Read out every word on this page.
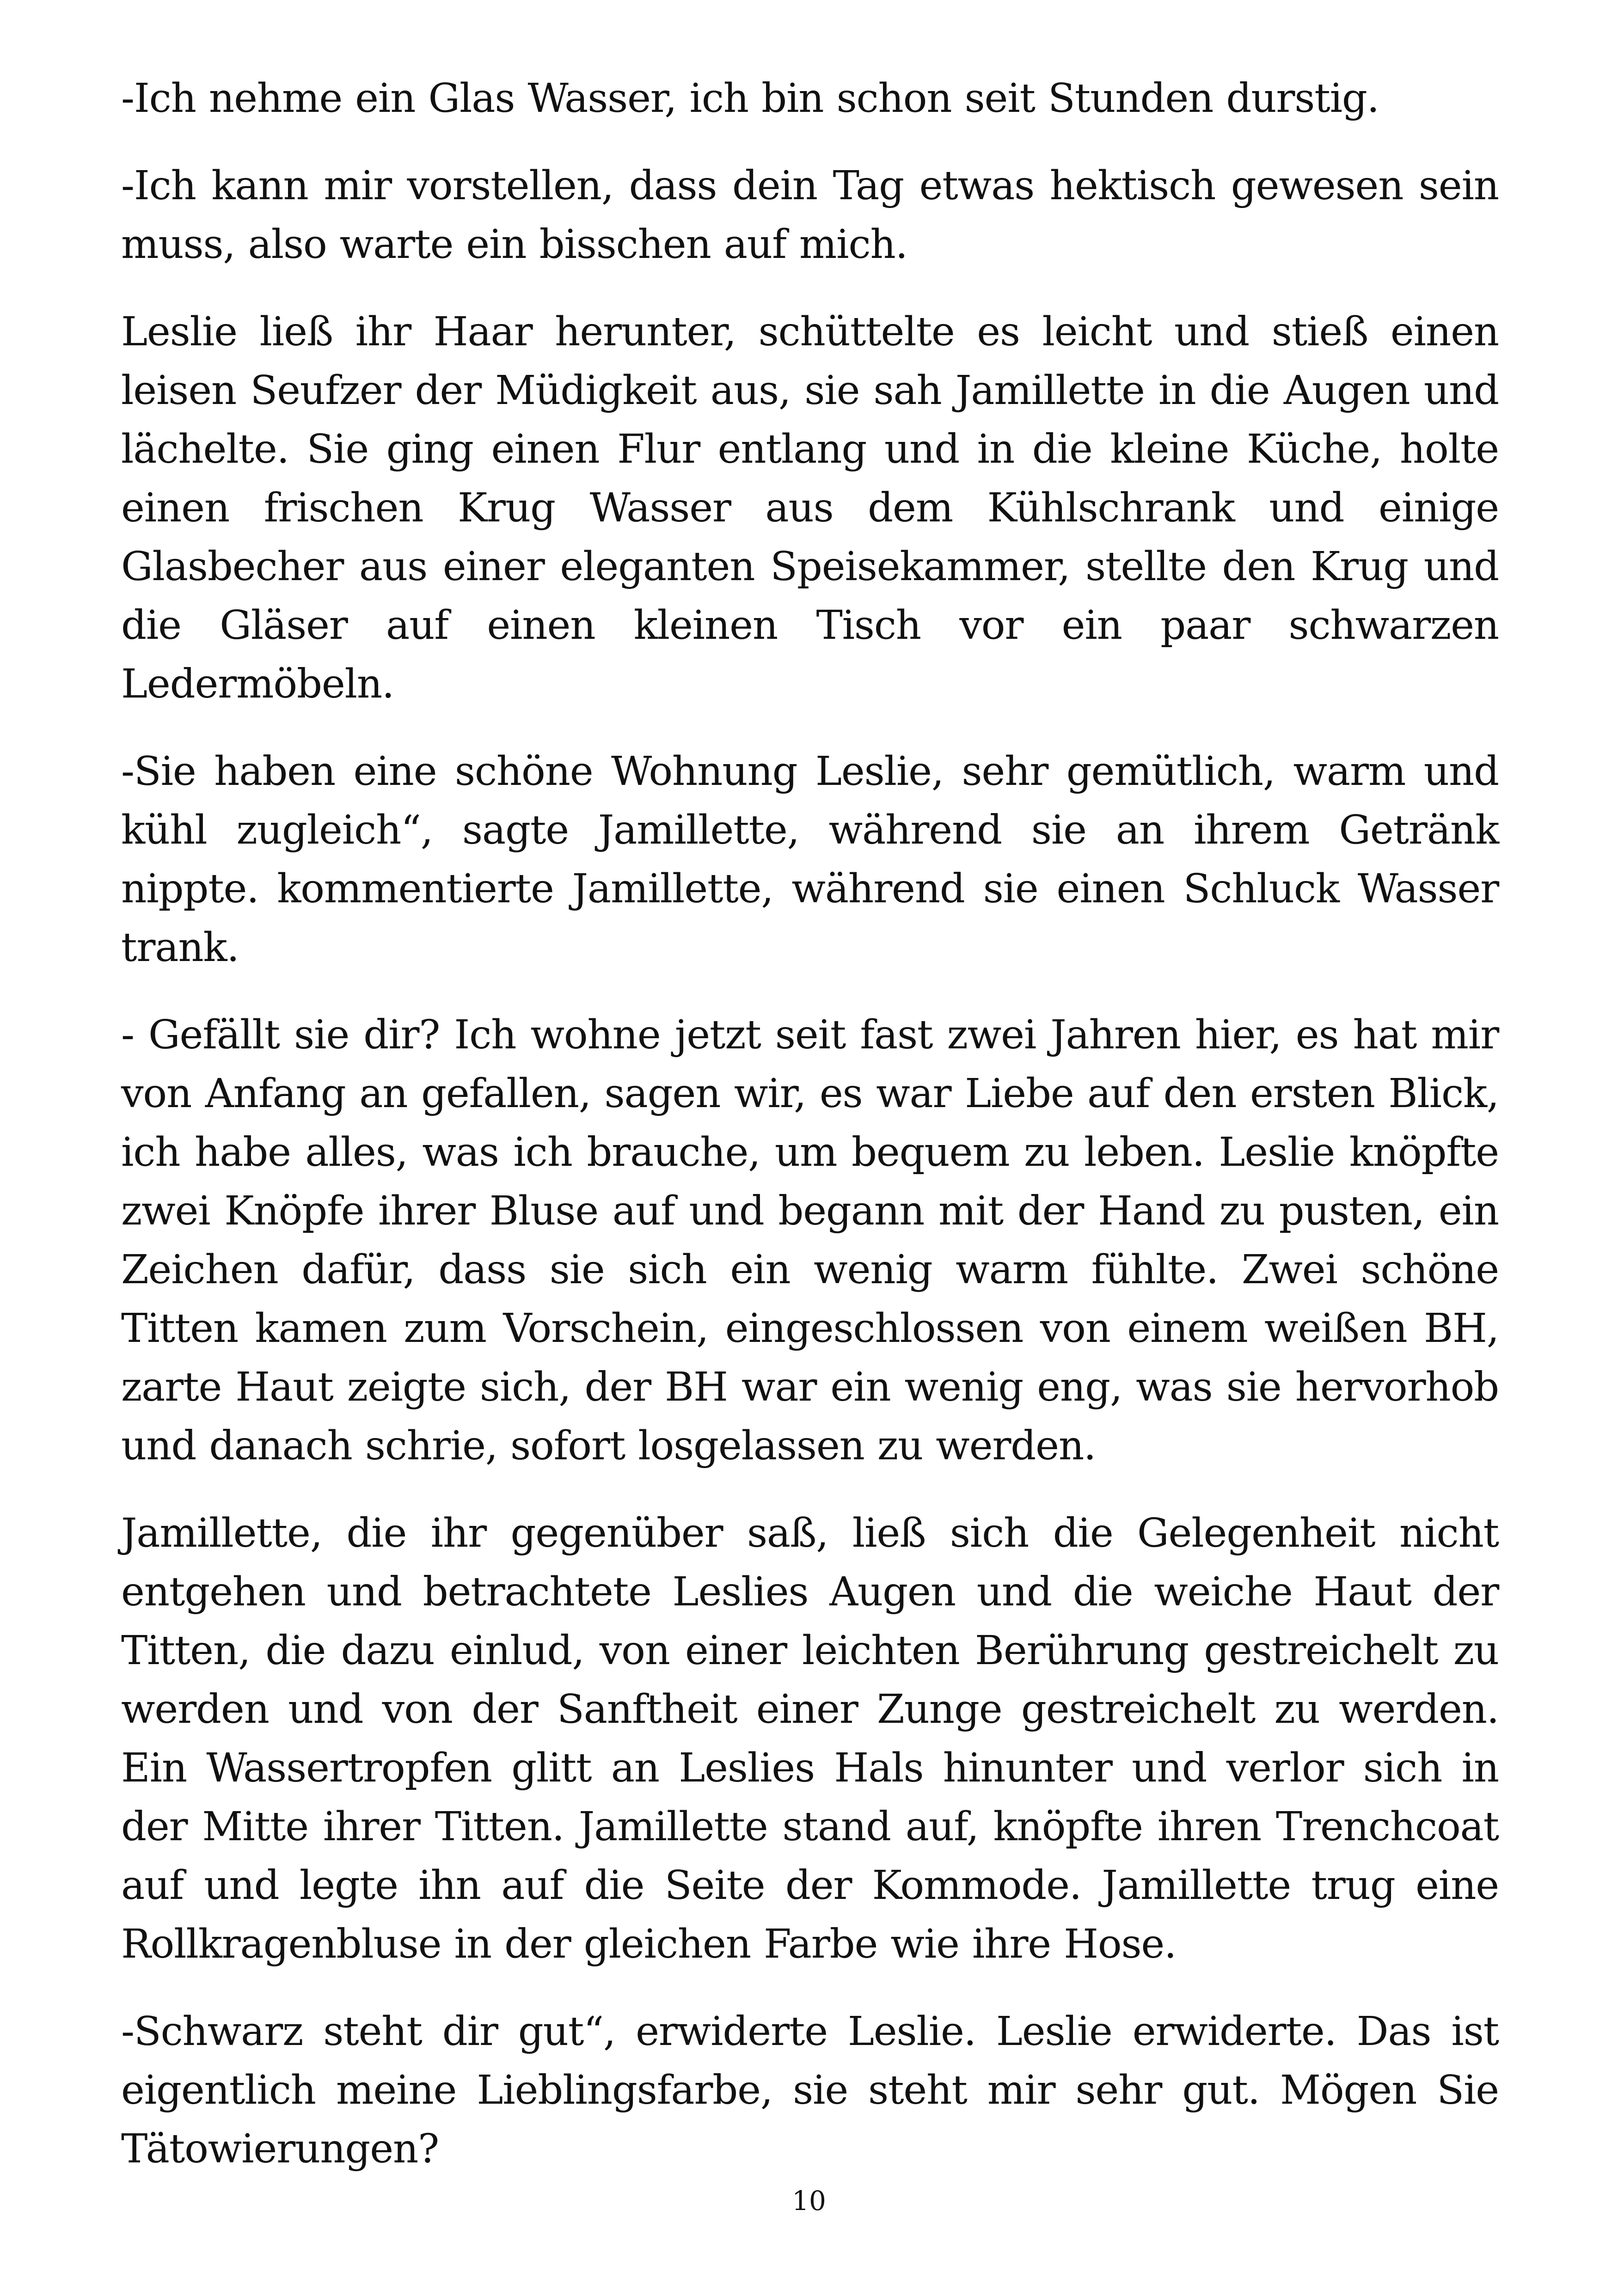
-Ich nehme ein Glas Wasser, ich bin schon seit Stunden durstig.

-Ich kann mir vorstellen, dass dein Tag etwas hektisch gewesen sein muss, also warte ein bisschen auf mich.

Leslie ließ ihr Haar herunter, schüttelte es leicht und stieß einen leisen Seufzer der Müdigkeit aus, sie sah Jamillette in die Augen und lächelte. Sie ging einen Flur entlang und in die kleine Küche, holte einen frischen Krug Wasser aus dem Kühlschrank und einige Glasbecher aus einer eleganten Speisekammer, stellte den Krug und die Gläser auf einen kleinen Tisch vor ein paar schwarzen Ledermöbeln.

-Sie haben eine schöne Wohnung Leslie, sehr gemütlich, warm und kühl zugleich“, sagte Jamillette, während sie an ihrem Getränk nippte. kommentierte Jamillette, während sie einen Schluck Wasser trank.

- Gefällt sie dir? Ich wohne jetzt seit fast zwei Jahren hier, es hat mir von Anfang an gefallen, sagen wir, es war Liebe auf den ersten Blick, ich habe alles, was ich brauche, um bequem zu leben. Leslie knöpfte zwei Knöpfe ihrer Bluse auf und begann mit der Hand zu pusten, ein Zeichen dafür, dass sie sich ein wenig warm fühlte. Zwei schöne Titten kamen zum Vorschein, eingeschlossen von einem weißen BH, zarte Haut zeigte sich, der BH war ein wenig eng, was sie hervorhob und danach schrie, sofort losgelassen zu werden.

Jamillette, die ihr gegenüber saß, ließ sich die Gelegenheit nicht entgehen und betrachtete Leslies Augen und die weiche Haut der Titten, die dazu einlud, von einer leichten Berührung gestreichelt zu werden und von der Sanftheit einer Zunge gestreichelt zu werden. Ein Wassertropfen glitt an Leslies Hals hinunter und verlor sich in der Mitte ihrer Titten. Jamillette stand auf, knöpfte ihren Trenchcoat auf und legte ihn auf die Seite der Kommode. Jamillette trug eine Rollkragenbluse in der gleichen Farbe wie ihre Hose.

-Schwarz steht dir gut“, erwiderte Leslie. Leslie erwiderte. Das ist eigentlich meine Lieblingsfarbe, sie steht mir sehr gut. Mögen Sie Tätowierungen?

10
